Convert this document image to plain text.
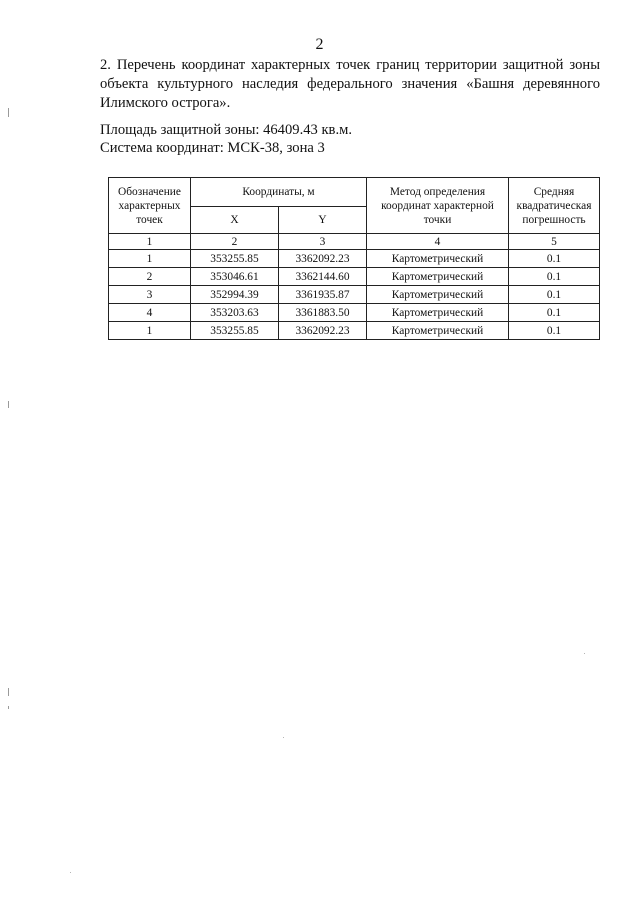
2
2. Перечень координат характерных точек границ территории защитной зоны объекта культурного наследия федерального значения «Башня деревянного Илимского острога».
Площадь защитной зоны: 46409.43 кв.м.
Система координат: МСК-38, зона 3
Обозначение характерных точек	Координаты, м		Метод определения координат характерной точки	Средняя квадратическая погрешность
	X	Y		
1	2	3	4	5
1	353255.85	3362092.23	Картометрический	0.1
2	353046.61	3362144.60	Картометрический	0.1
3	352994.39	3361935.87	Картометрический	0.1
4	353203.63	3361883.50	Картометрический	0.1
1	353255.85	3362092.23	Картометрический	0.1
